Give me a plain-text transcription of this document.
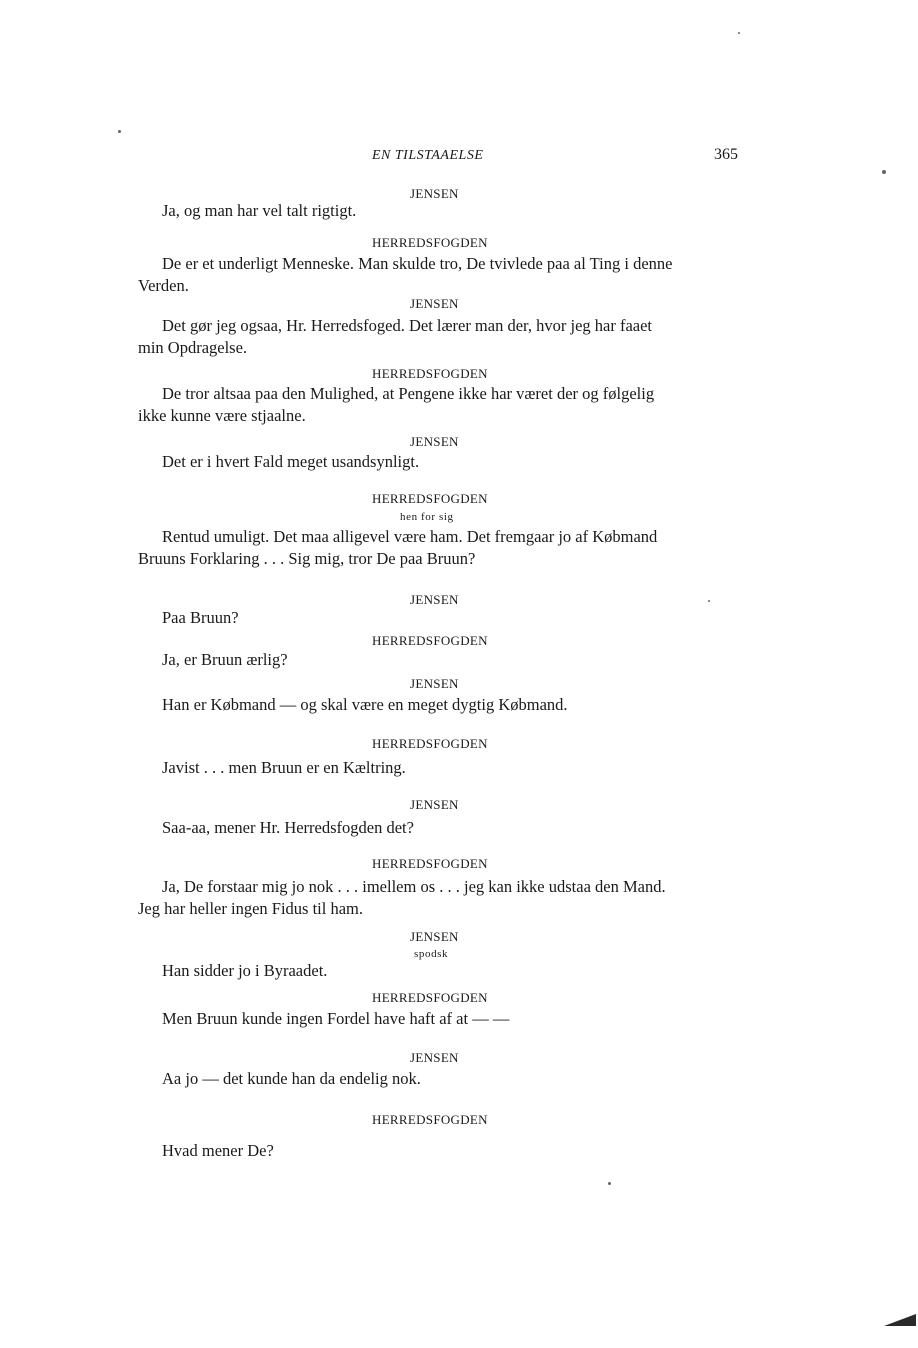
EN TILSTAAELSE	365
JENSEN
Ja, og man har vel talt rigtigt.
HERREDSFOGDEN
De er et underligt Menneske. Man skulde tro, De tvivlede paa al Ting i denne
Verden.
JENSEN
Det gør jeg ogsaa, Hr. Herredsfoged. Det lærer man der, hvor jeg har faaet
min Opdragelse.
HERREDSFOGDEN
De tror altsaa paa den Mulighed, at Pengene ikke har været der og følgelig
ikke kunne være stjaalne.
JENSEN
Det er i hvert Fald meget usandsynligt.
HERREDSFOGDEN
hen for sig
Rentud umuligt. Det maa alligevel være ham. Det fremgaar jo af Købmand
Bruuns Forklaring . . . Sig mig, tror De paa Bruun?
JENSEN
Paa Bruun?
HERREDSFOGDEN
Ja, er Bruun ærlig?
JENSEN
Han er Købmand — og skal være en meget dygtig Købmand.
HERREDSFOGDEN
Javist . . . men Bruun er en Kæltring.
JENSEN
Saa-aa, mener Hr. Herredsfogden det?
HERREDSFOGDEN
Ja, De forstaar mig jo nok . . . imellem os . . . jeg kan ikke udstaa den Mand.
Jeg har heller ingen Fidus til ham.
JENSEN
spodsk
Han sidder jo i Byraadet.
HERREDSFOGDEN
Men Bruun kunde ingen Fordel have haft af at — —
JENSEN
Aa jo — det kunde han da endelig nok.
HERREDSFOGDEN
Hvad mener De?
